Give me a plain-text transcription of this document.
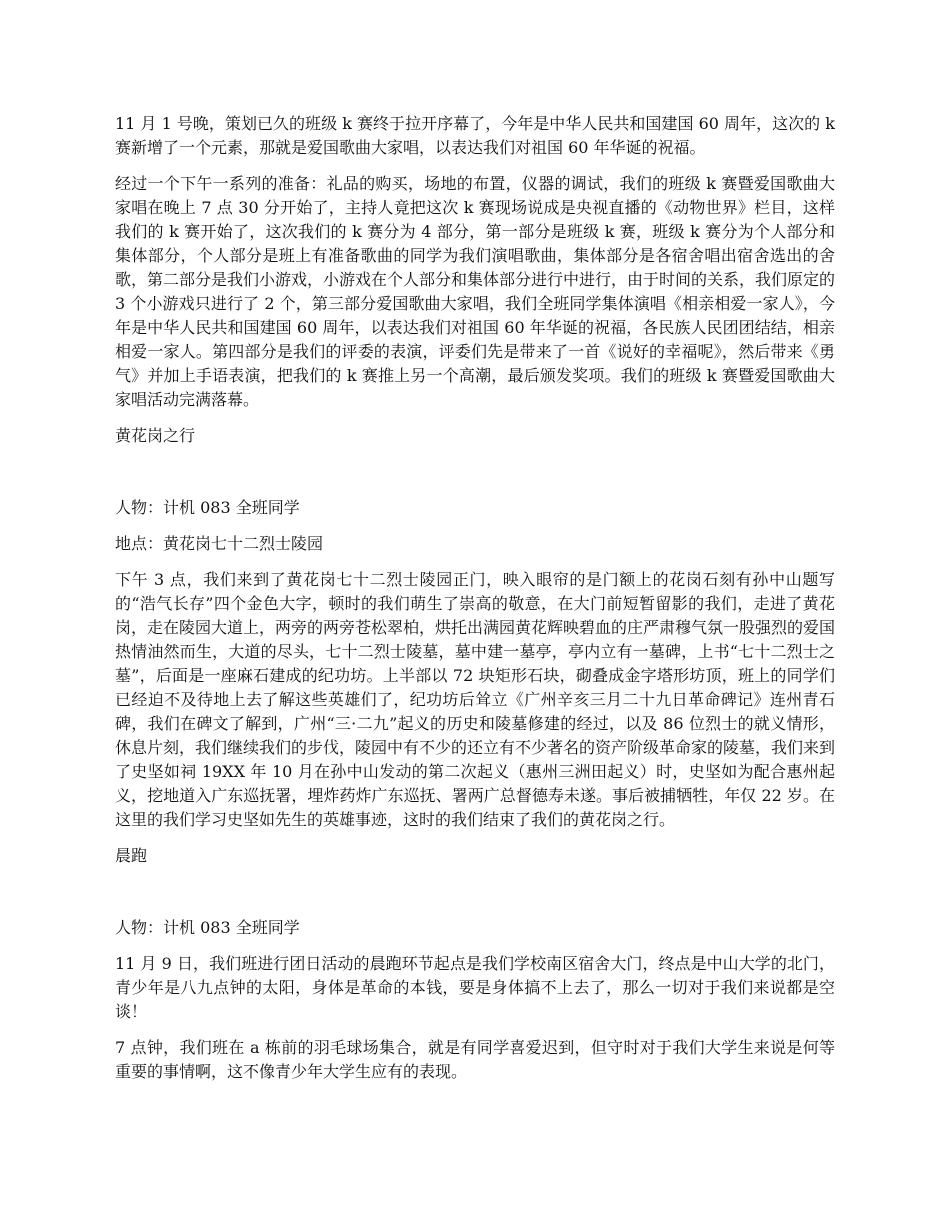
11 月 1 号晚，策划已久的班级 k 赛终于拉开序幕了，今年是中华人民共和国建国 60 周年，这次的 k 赛新增了一个元素，那就是爱国歌曲大家唱，以表达我们对祖国 60 年华诞的祝福。

经过一个下午一系列的准备：礼品的购买，场地的布置，仪器的调试，我们的班级 k 赛暨爱国歌曲大家唱在晚上 7 点 30 分开始了，主持人竟把这次 k 赛现场说成是央视直播的《动物世界》栏目，这样我们的 k 赛开始了，这次我们的 k 赛分为 4 部分，第一部分是班级 k 赛，班级 k 赛分为个人部分和集体部分，个人部分是班上有准备歌曲的同学为我们演唱歌曲，集体部分是各宿舍唱出宿舍选出的舍歌，第二部分是我们小游戏，小游戏在个人部分和集体部分进行中进行，由于时间的关系，我们原定的 3 个小游戏只进行了 2 个，第三部分爱国歌曲大家唱，我们全班同学集体演唱《相亲相爱一家人》，今年是中华人民共和国建国 60 周年，以表达我们对祖国 60 年华诞的祝福，各民族人民团团结结，相亲相爱一家人。第四部分是我们的评委的表演，评委们先是带来了一首《说好的幸福呢》，然后带来《勇气》并加上手语表演，把我们的 k 赛推上另一个高潮，最后颁发奖项。我们的班级 k 赛暨爱国歌曲大家唱活动完满落幕。

黄花岗之行

人物：计机 083 全班同学

地点：黄花岗七十二烈士陵园

下午 3 点，我们来到了黄花岗七十二烈士陵园正门，映入眼帘的是门额上的花岗石刻有孙中山题写的“浩气长存”四个金色大字，顿时的我们萌生了崇高的敬意，在大门前短暂留影的我们，走进了黄花岗，走在陵园大道上，两旁的两旁苍松翠柏，烘托出满园黄花辉映碧血的庄严肃穆气氛一股强烈的爱国热情油然而生，大道的尽头，七十二烈士陵墓，墓中建一墓亭，亭内立有一墓碑，上书“七十二烈士之墓”，后面是一座麻石建成的纪功坊。上半部以 72 块矩形石块，砌叠成金字塔形坊顶，班上的同学们已经迫不及待地上去了解这些英雄们了，纪功坊后耸立《广州辛亥三月二十九日革命碑记》连州青石碑，我们在碑文了解到，广州“三·二九”起义的历史和陵墓修建的经过，以及 86 位烈士的就义情形，休息片刻，我们继续我们的步伐，陵园中有不少的还立有不少著名的资产阶级革命家的陵墓，我们来到了史坚如祠 19XX 年 10 月在孙中山发动的第二次起义（惠州三洲田起义）时，史坚如为配合惠州起义，挖地道入广东巡抚署，埋炸药炸广东巡抚、署两广总督德寿未遂。事后被捕牺牲，年仅 22 岁。在这里的我们学习史坚如先生的英雄事迹，这时的我们结束了我们的黄花岗之行。

晨跑

人物：计机 083 全班同学

11 月 9 日，我们班进行团日活动的晨跑环节起点是我们学校南区宿舍大门，终点是中山大学的北门，青少年是八九点钟的太阳，身体是革命的本钱，要是身体搞不上去了，那么一切对于我们来说都是空谈！

7 点钟，我们班在 a 栋前的羽毛球场集合，就是有同学喜爱迟到，但守时对于我们大学生来说是何等重要的事情啊，这不像青少年大学生应有的表现。
